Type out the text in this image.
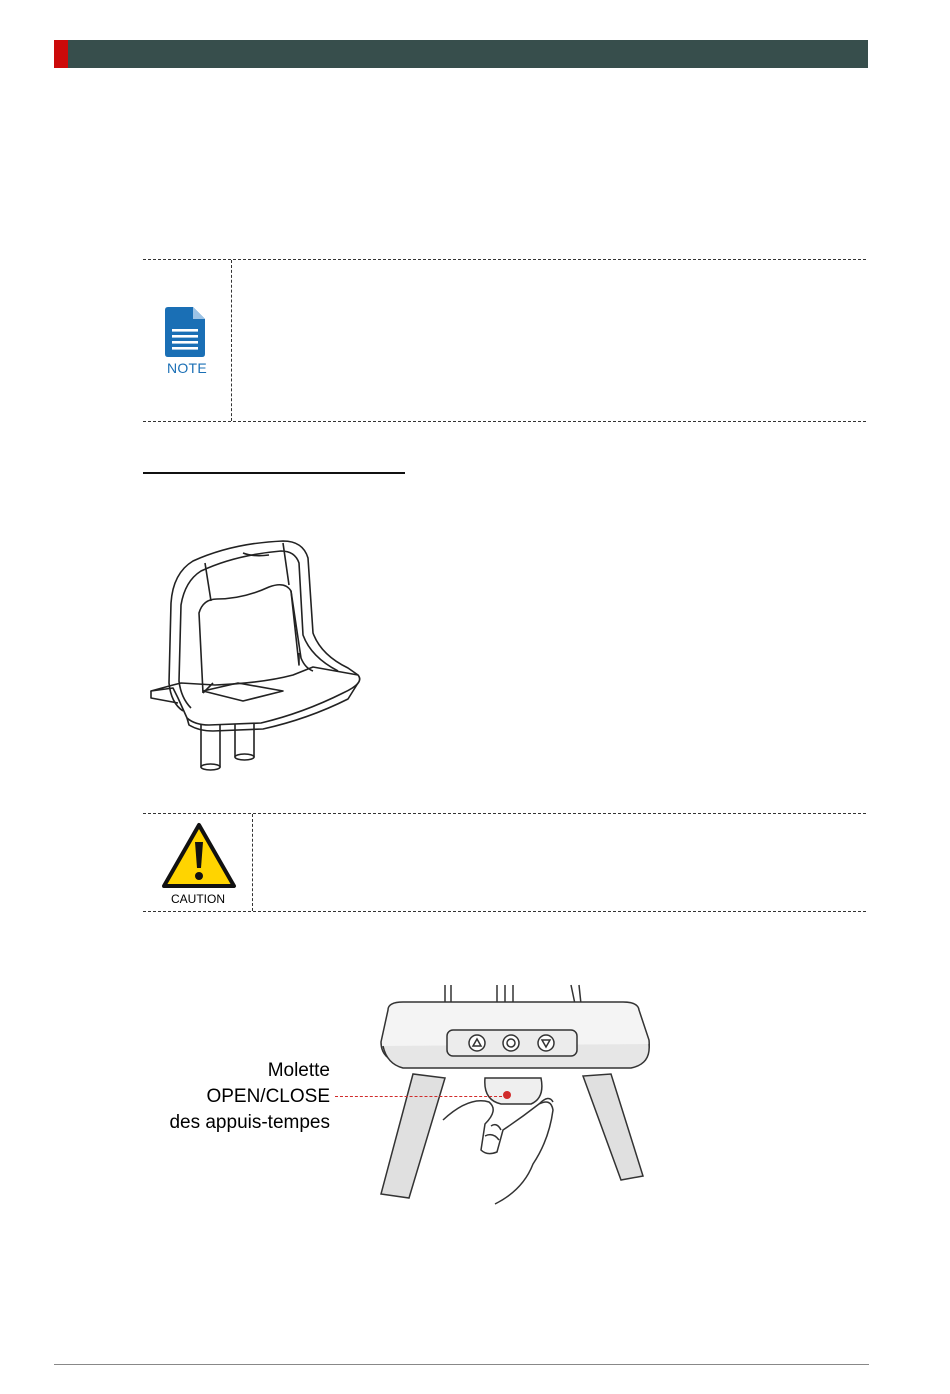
NOTE
CAUTION
Molette
OPEN/CLOSE
des appuis-tempes
